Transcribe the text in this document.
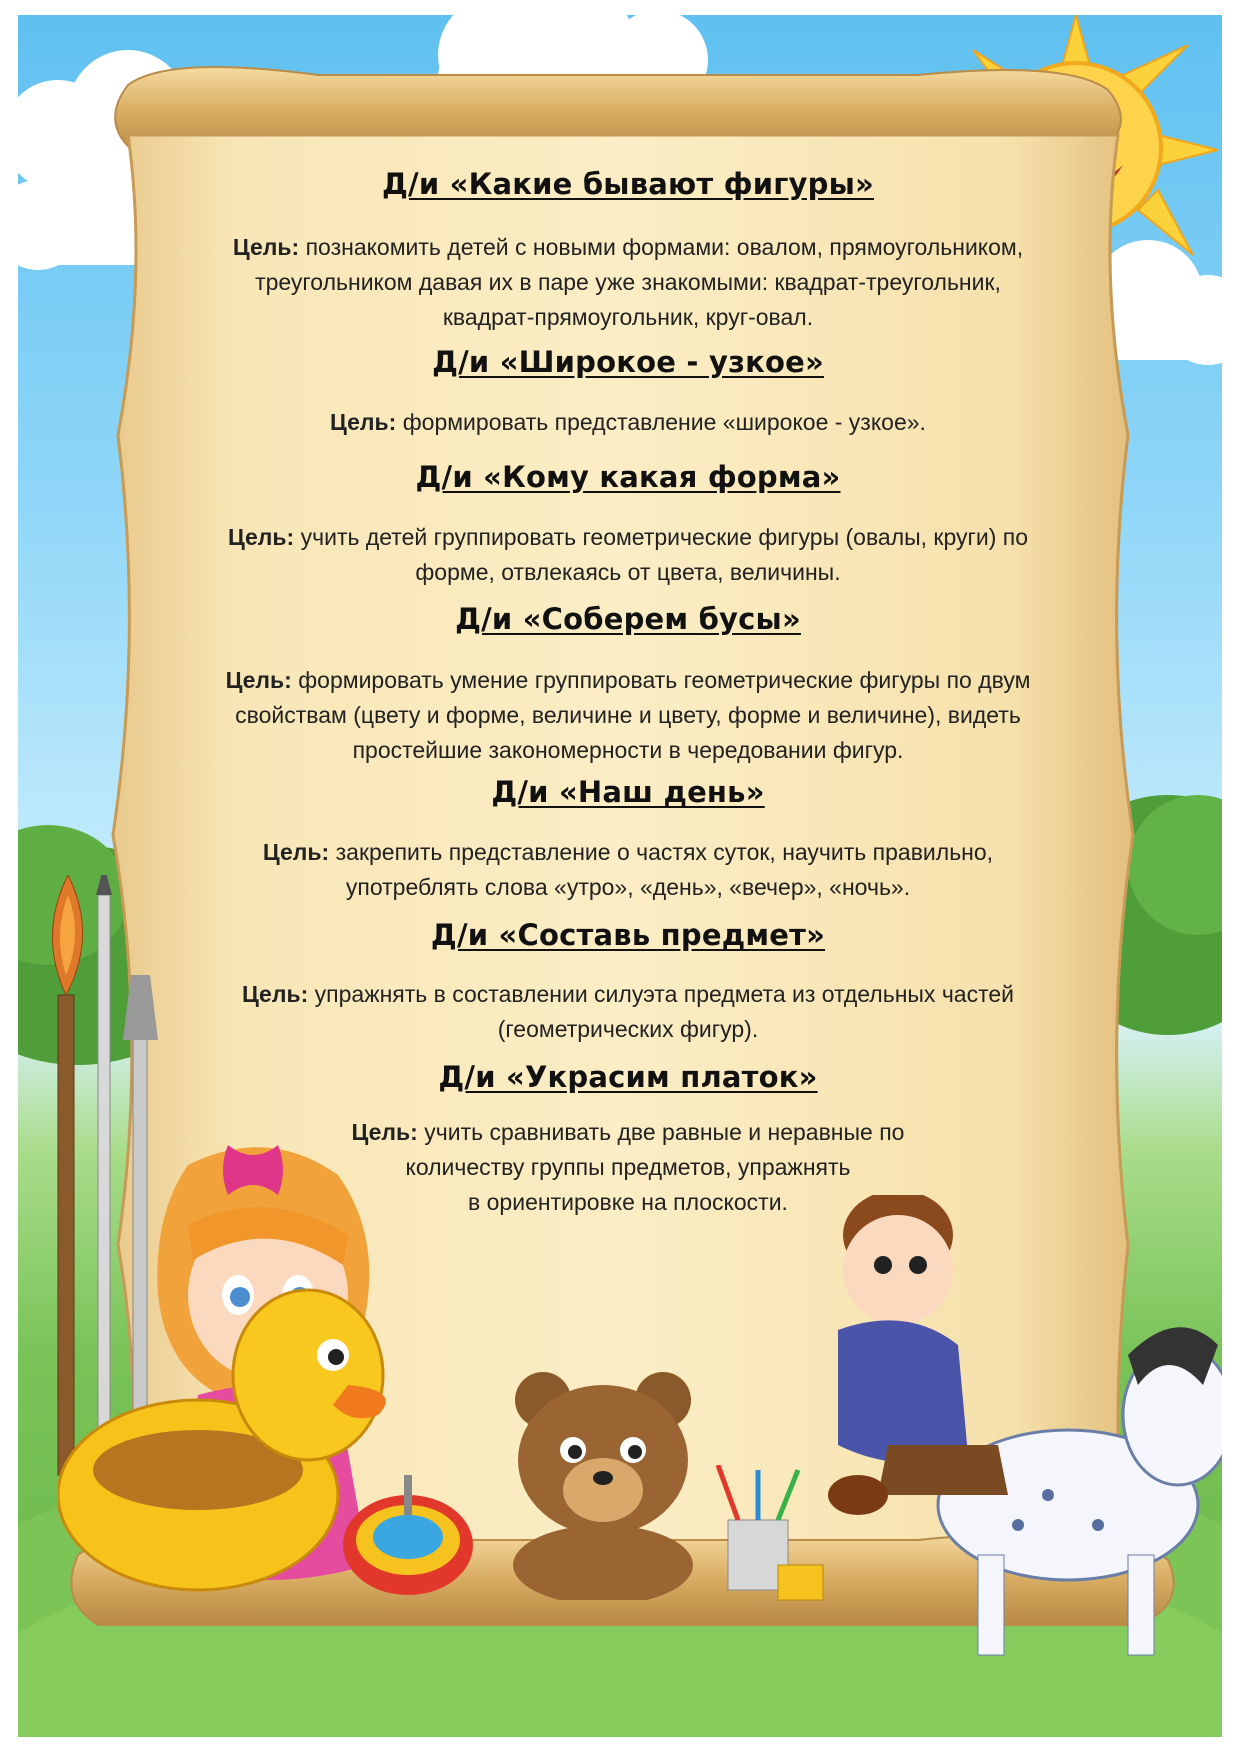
Д/и «Какие бывают фигуры»
Цель: познакомить детей с новыми формами: овалом, прямоугольником,
треугольником давая их в паре уже знакомыми: квадрат-треугольник,
квадрат-прямоугольник, круг-овал.
Д/и «Широкое - узкое»
Цель: формировать представление «широкое - узкое».
Д/и «Кому какая форма»
Цель: учить детей группировать геометрические фигуры (овалы, круги) по
форме, отвлекаясь от цвета, величины.
Д/и «Соберем бусы»
Цель: формировать умение группировать геометрические фигуры по двум
свойствам (цвету и форме, величине и цвету, форме и величине), видеть
простейшие закономерности в чередовании фигур.
Д/и «Наш день»
Цель: закрепить представление о частях суток, научить правильно,
употреблять слова «утро», «день», «вечер», «ночь».
Д/и «Составь предмет»
Цель: упражнять в составлении силуэта предмета из отдельных частей
(геометрических фигур).
Д/и «Украсим платок»
Цель: учить сравнивать две равные и неравные по
количеству группы предметов, упражнять
в ориентировке на плоскости.
